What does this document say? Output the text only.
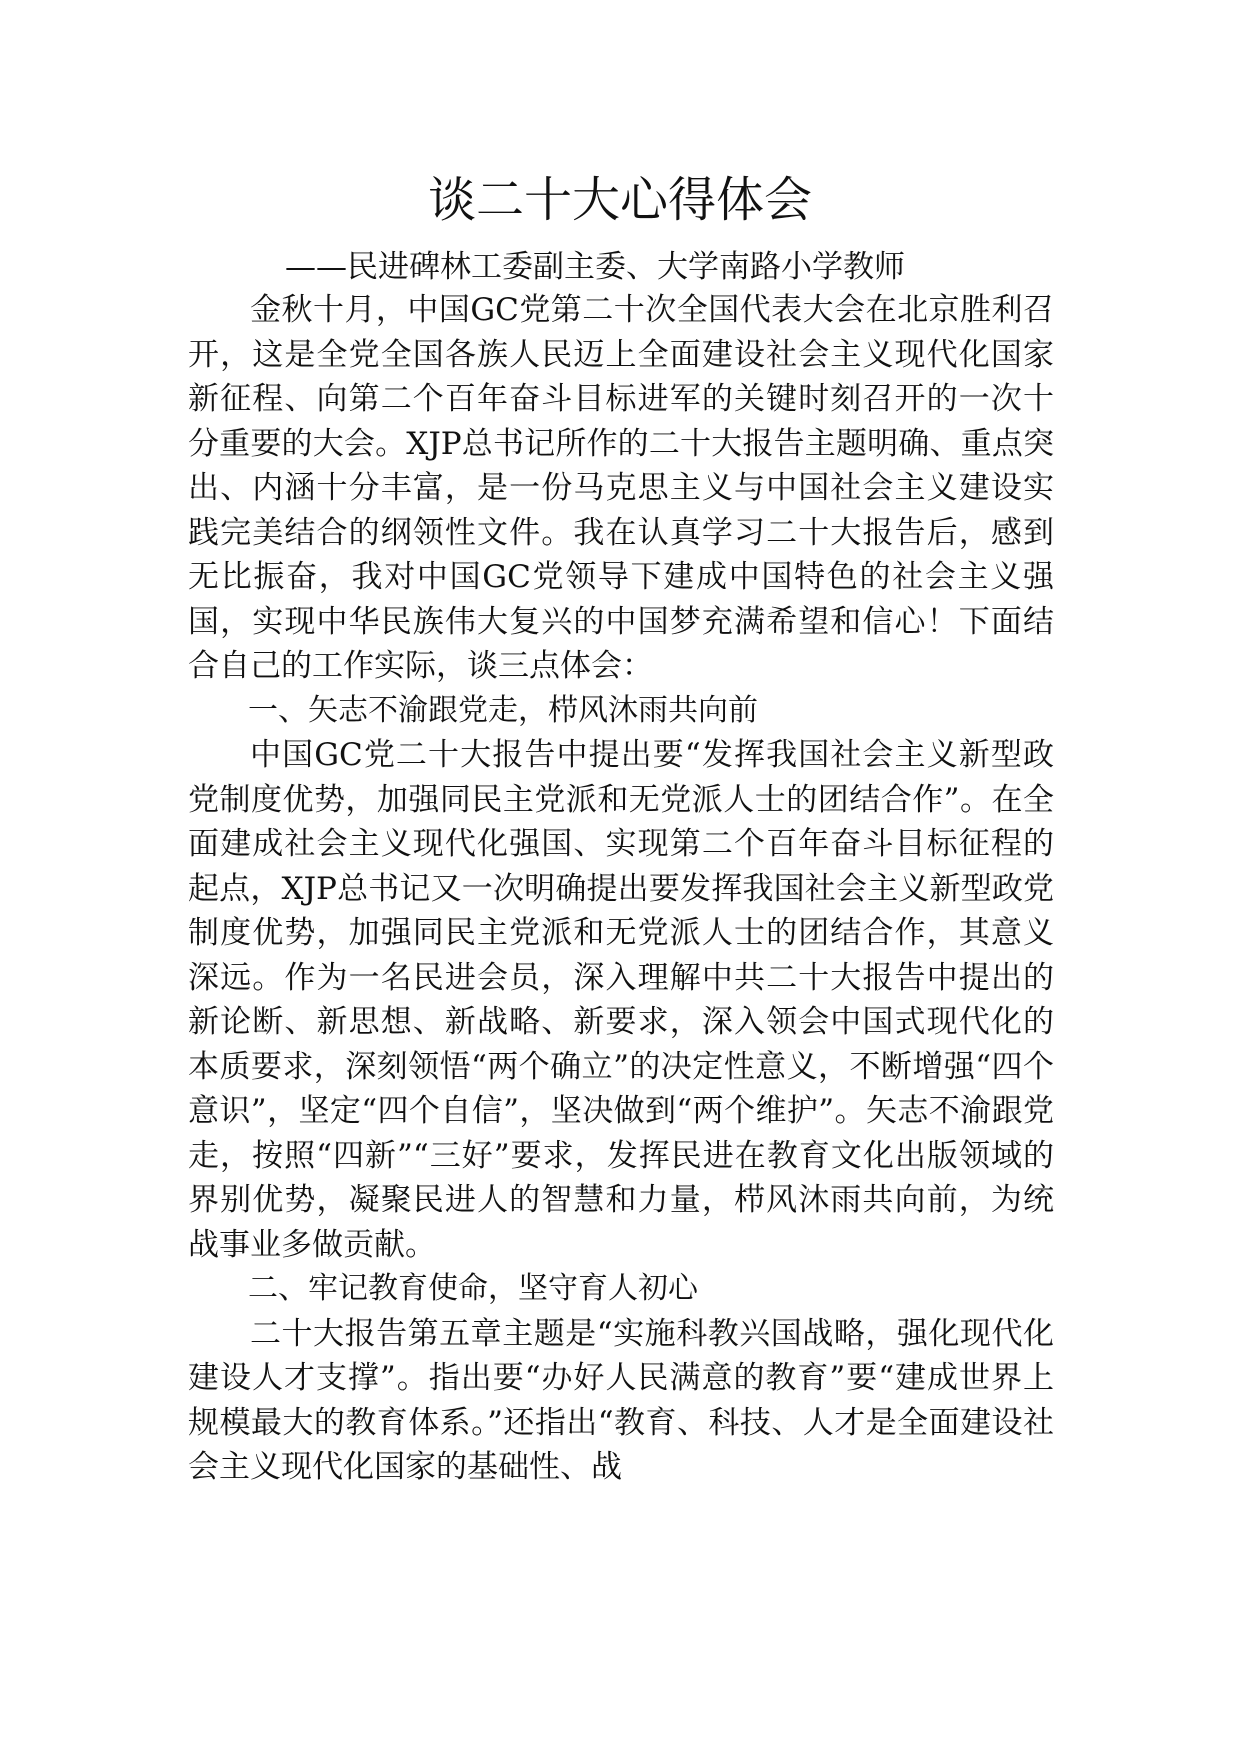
谈二十大心得体会

——民进碑林工委副主委、大学南路小学教师

金秋十月，中国GC党第二十次全国代表大会在北京胜利召开，这是全党全国各族人民迈上全面建设社会主义现代化国家新征程、向第二个百年奋斗目标进军的关键时刻召开的一次十分重要的大会。XJP总书记所作的二十大报告主题明确、重点突出、内涵十分丰富，是一份马克思主义与中国社会主义建设实践完美结合的纲领性文件。我在认真学习二十大报告后，感到无比振奋，我对中国GC党领导下建成中国特色的社会主义强国，实现中华民族伟大复兴的中国梦充满希望和信心！下面结合自己的工作实际，谈三点体会：

一、矢志不渝跟党走，栉风沐雨共向前

中国GC党二十大报告中提出要“发挥我国社会主义新型政党制度优势，加强同民主党派和无党派人士的团结合作”。在全面建成社会主义现代化强国、实现第二个百年奋斗目标征程的起点，XJP总书记又一次明确提出要发挥我国社会主义新型政党制度优势，加强同民主党派和无党派人士的团结合作，其意义深远。作为一名民进会员，深入理解中共二十大报告中提出的新论断、新思想、新战略、新要求，深入领会中国式现代化的本质要求，深刻领悟“两个确立”的决定性意义，不断增强“四个意识”，坚定“四个自信”，坚决做到“两个维护”。矢志不渝跟党走，按照“四新”“三好”要求，发挥民进在教育文化出版领域的界别优势，凝聚民进人的智慧和力量，栉风沐雨共向前，为统战事业多做贡献。

二、牢记教育使命，坚守育人初心

二十大报告第五章主题是“实施科教兴国战略，强化现代化建设人才支撑”。指出要“办好人民满意的教育”要“建成世界上规模最大的教育体系。”还指出“教育、科技、人才是全面建设社会主义现代化国家的基础性、战
